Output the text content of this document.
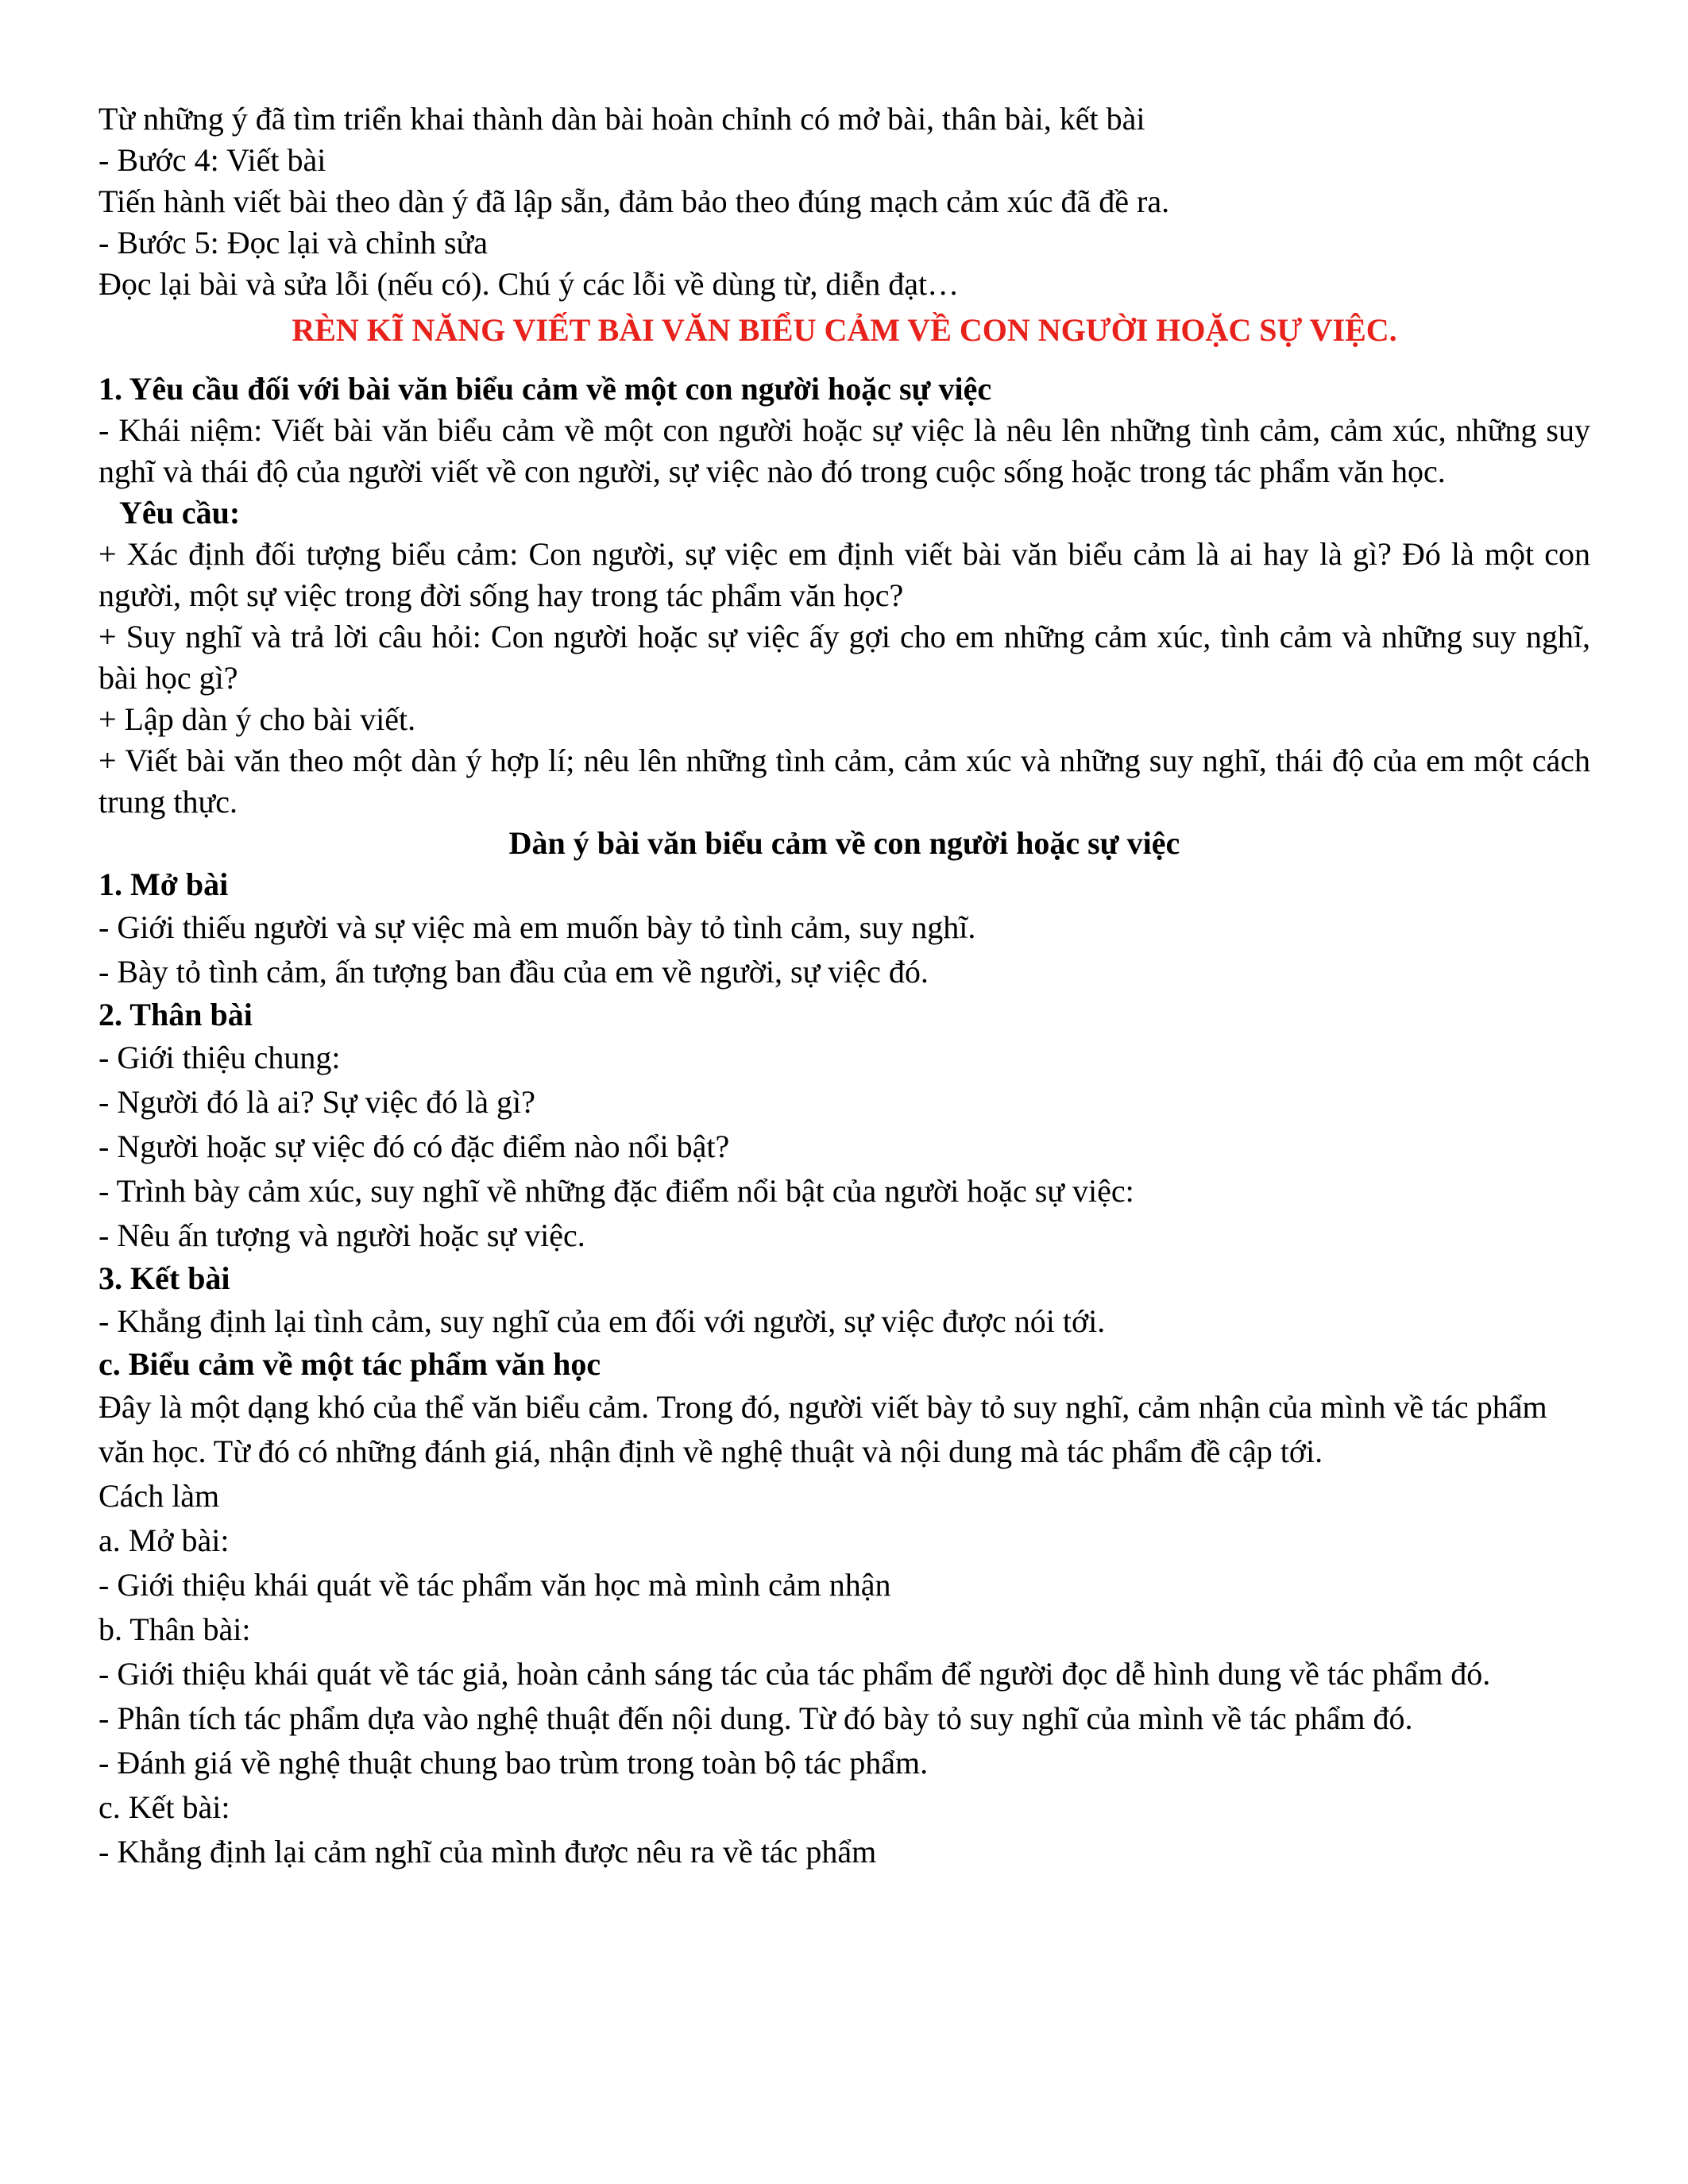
Từ những ý đã tìm triển khai thành dàn bài hoàn chỉnh có mở bài, thân bài, kết bài

- Bước 4: Viết bài

Tiến hành viết bài theo dàn ý đã lập sẵn, đảm bảo theo đúng mạch cảm xúc đã đề ra.

- Bước 5: Đọc lại và chỉnh sửa

Đọc lại bài và sửa lỗi (nếu có). Chú ý các lỗi về dùng từ, diễn đạt…

RÈN KĨ NĂNG VIẾT BÀI VĂN BIỂU CẢM VỀ CON NGƯỜI HOẶC SỰ VIỆC.

1. Yêu cầu đối với bài văn biểu cảm về một con người hoặc sự việc

- Khái niệm: Viết bài văn biểu cảm về một con người hoặc sự việc là nêu lên những tình cảm, cảm xúc, những suy nghĩ và thái độ của người viết về con người, sự việc nào đó trong cuộc sống hoặc trong tác phẩm văn học.

Yêu cầu:

+ Xác định đối tượng biểu cảm: Con người, sự việc em định viết bài văn biểu cảm là ai hay là gì? Đó là một con người, một sự việc trong đời sống hay trong tác phẩm văn học?

+ Suy nghĩ và trả lời câu hỏi: Con người hoặc sự việc ấy gợi cho em những cảm xúc, tình cảm và những suy nghĩ, bài học gì?

+ Lập dàn ý cho bài viết.

+ Viết bài văn theo một dàn ý hợp lí; nêu lên những tình cảm, cảm xúc và những suy nghĩ, thái độ của em một cách trung thực.

Dàn ý bài văn biểu cảm về con người hoặc sự việc

1. Mở bài

- Giới thiếu người và sự việc mà em muốn bày tỏ tình cảm, suy nghĩ.

- Bày tỏ tình cảm, ấn tượng ban đầu của em về người, sự việc đó.

2. Thân bài

- Giới thiệu chung:

- Người đó là ai? Sự việc đó là gì?

- Người hoặc sự việc đó có đặc điểm nào nổi bật?

- Trình bày cảm xúc, suy nghĩ về những đặc điểm nổi bật của người hoặc sự việc:

- Nêu ấn tượng và người hoặc sự việc.

3. Kết bài

- Khẳng định lại tình cảm, suy nghĩ của em đối với người, sự việc được nói tới.

c. Biểu cảm về một tác phẩm văn học

Đây là một dạng khó của thể văn biểu cảm. Trong đó, người viết bày tỏ suy nghĩ, cảm nhận của mình về tác phẩm văn học. Từ đó có những đánh giá, nhận định về nghệ thuật và nội dung mà tác phẩm đề cập tới.

Cách làm

a. Mở bài:

- Giới thiệu khái quát về tác phẩm văn học mà mình cảm nhận

b. Thân bài:

- Giới thiệu khái quát về tác giả, hoàn cảnh sáng tác của tác phẩm để người đọc dễ hình dung về tác phẩm đó.

- Phân tích tác phẩm dựa vào nghệ thuật đến nội dung. Từ đó bày tỏ suy nghĩ của mình về tác phẩm đó.

- Đánh giá về nghệ thuật chung bao trùm trong toàn bộ tác phẩm.

c. Kết bài:

- Khẳng định lại cảm nghĩ của mình được nêu ra về tác phẩm
